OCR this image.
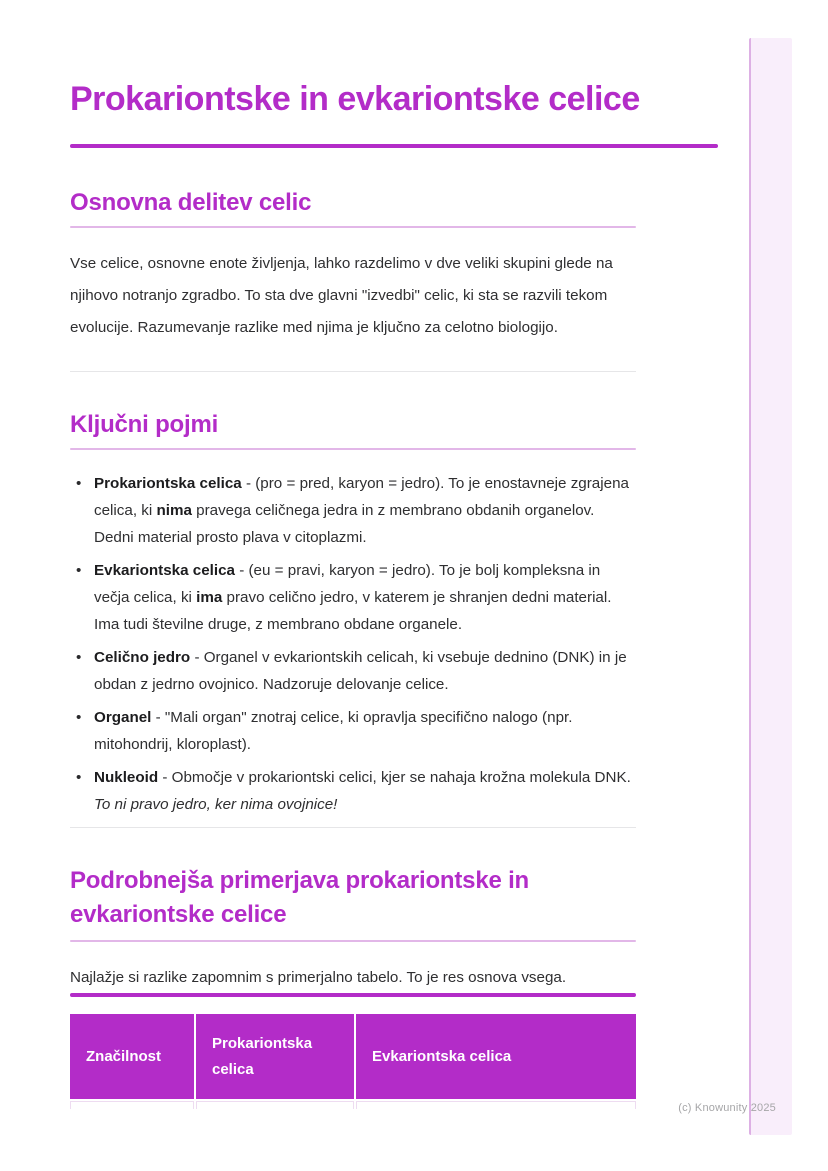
Prokariontske in evkariontske celice
Osnovna delitev celic

Vse celice, osnovne enote življenja, lahko razdelimo v dve veliki skupini glede na njihovo notranjo zgradbo. To sta dve glavni "izvedbi" celic, ki sta se razvili tekom evolucije. Razumevanje razlike med njima je ključno za celotno biologijo.

Ključni pojmi
• Prokariontska celica - (pro = pred, karyon = jedro). To je enostavneje zgrajena celica, ki nima pravega celičnega jedra in z membrano obdanih organelov. Dedni material prosto plava v citoplazmi.
• Evkariontska celica - (eu = pravi, karyon = jedro). To je bolj kompleksna in večja celica, ki ima pravo celično jedro, v katerem je shranjen dedni material. Ima tudi številne druge, z membrano obdane organele.
• Celično jedro - Organel v evkariontskih celicah, ki vsebuje dednino (DNK) in je obdan z jedrno ovojnico. Nadzoruje delovanje celice.
• Organel - "Mali organ" znotraj celice, ki opravlja specifično nalogo (npr. mitohondrij, kloroplast).
• Nukleoid - Območje v prokariontski celici, kjer se nahaja krožna molekula DNK. To ni pravo jedro, ker nima ovojnice!
Podrobnejša primerjava prokariontske in evkariontske celice

Najlažje si razlike zapomnim s primerjalno tabelo. To je res osnova vsega.

Značilnost
Prokariontska celica
Evkariontska celica
(c) Knowunity 2025
